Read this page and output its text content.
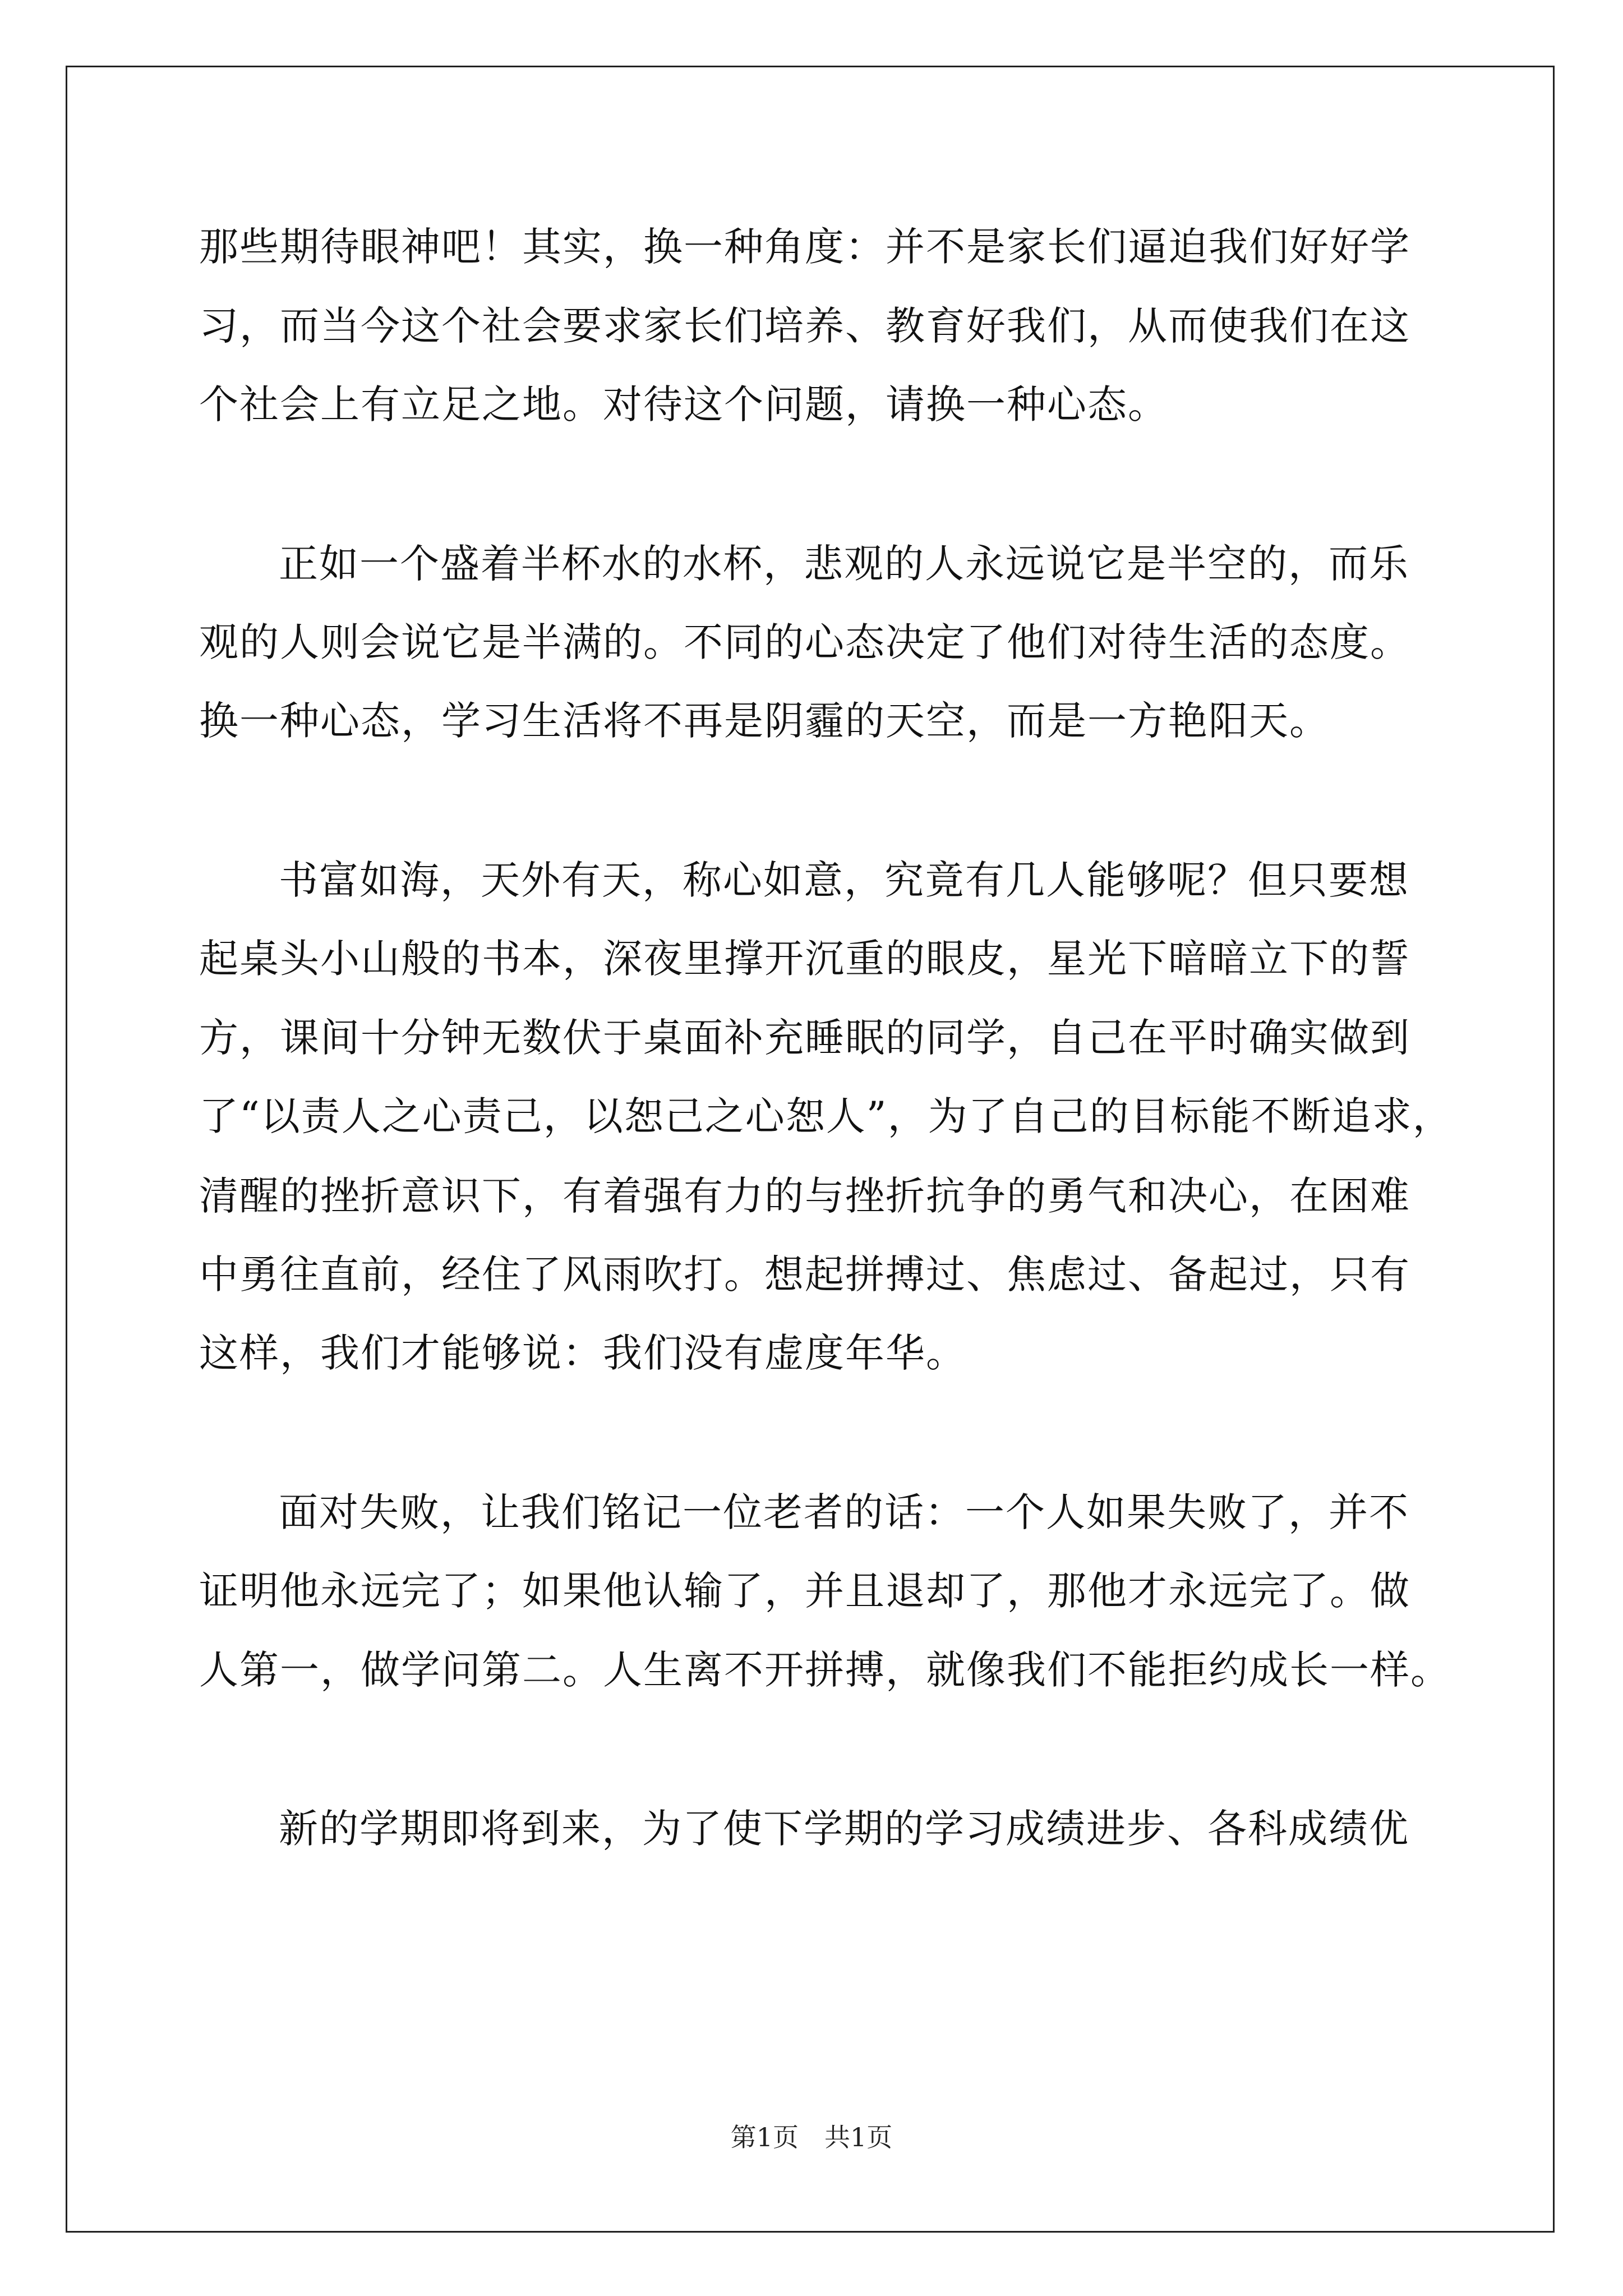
那些期待眼神吧！其实，换一种角度：并不是家长们逼迫我们好好学
习，而当今这个社会要求家长们培养、教育好我们，从而使我们在这
个社会上有立足之地。对待这个问题，请换一种心态。
正如一个盛着半杯水的水杯，悲观的人永远说它是半空的，而乐
观的人则会说它是半满的。不同的心态决定了他们对待生活的态度。
换一种心态，学习生活将不再是阴霾的天空，而是一方艳阳天。
书富如海，天外有天，称心如意，究竟有几人能够呢？但只要想
起桌头小山般的书本，深夜里撑开沉重的眼皮，星光下暗暗立下的誓
方，课间十分钟无数伏于桌面补充睡眠的同学，自己在平时确实做到
了“以责人之心责己，以恕己之心恕人”，为了自己的目标能不断追求，
清醒的挫折意识下，有着强有力的与挫折抗争的勇气和决心，在困难
中勇往直前，经住了风雨吹打。想起拼搏过、焦虑过、备起过，只有
这样，我们才能够说：我们没有虚度年华。
面对失败，让我们铭记一位老者的话：一个人如果失败了，并不
证明他永远完了；如果他认输了，并且退却了，那他才永远完了。做
人第一，做学问第二。人生离不开拼搏，就像我们不能拒约成长一样。
新的学期即将到来，为了使下学期的学习成绩进步、各科成绩优
第1页　共1页
